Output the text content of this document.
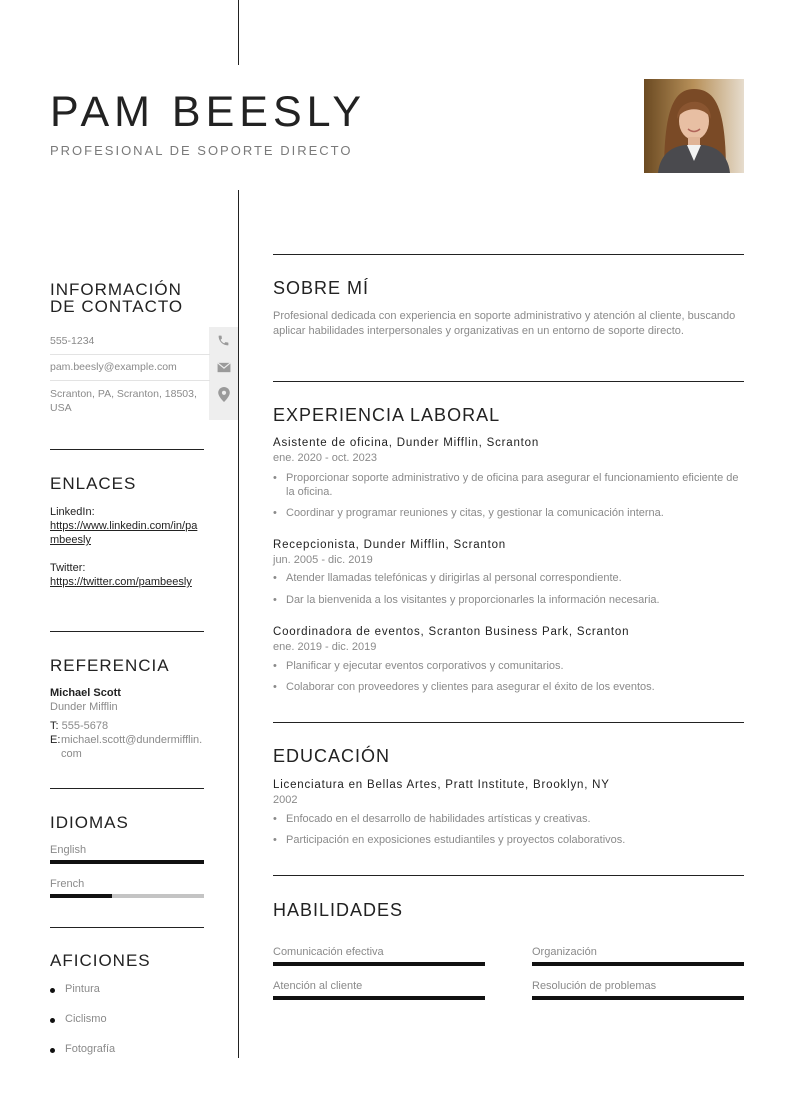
PAM BEESLY
PROFESIONAL DE SOPORTE DIRECTO
INFORMACIÓN
DE CONTACTO
555-1234
pam.beesly@example.com
Scranton, PA, Scranton, 18503, USA
ENLACES
LinkedIn:
https://www.linkedin.com/in/pambeesly
Twitter:
https://twitter.com/pambeesly
REFERENCIA
Michael Scott
Dunder Mifflin
T: 555-5678
E: michael.scott@dundermifflin.com
IDIOMAS
English
French
AFICIONES
Pintura
Ciclismo
Fotografía
SOBRE MÍ
Profesional dedicada con experiencia en soporte administrativo y atención al cliente, buscando aplicar habilidades interpersonales y organizativas en un entorno de soporte directo.
EXPERIENCIA LABORAL
Asistente de oficina, Dunder Mifflin, Scranton
ene. 2020 - oct. 2023
• Proporcionar soporte administrativo y de oficina para asegurar el funcionamiento eficiente de la oficina.
• Coordinar y programar reuniones y citas, y gestionar la comunicación interna.
Recepcionista, Dunder Mifflin, Scranton
jun. 2005 - dic. 2019
• Atender llamadas telefónicas y dirigirlas al personal correspondiente.
• Dar la bienvenida a los visitantes y proporcionarles la información necesaria.
Coordinadora de eventos, Scranton Business Park, Scranton
ene. 2019 - dic. 2019
• Planificar y ejecutar eventos corporativos y comunitarios.
• Colaborar con proveedores y clientes para asegurar el éxito de los eventos.
EDUCACIÓN
Licenciatura en Bellas Artes, Pratt Institute, Brooklyn, NY
2002
• Enfocado en el desarrollo de habilidades artísticas y creativas.
• Participación en exposiciones estudiantiles y proyectos colaborativos.
HABILIDADES
Comunicación efectiva	Organización
Atención al cliente	Resolución de problemas
